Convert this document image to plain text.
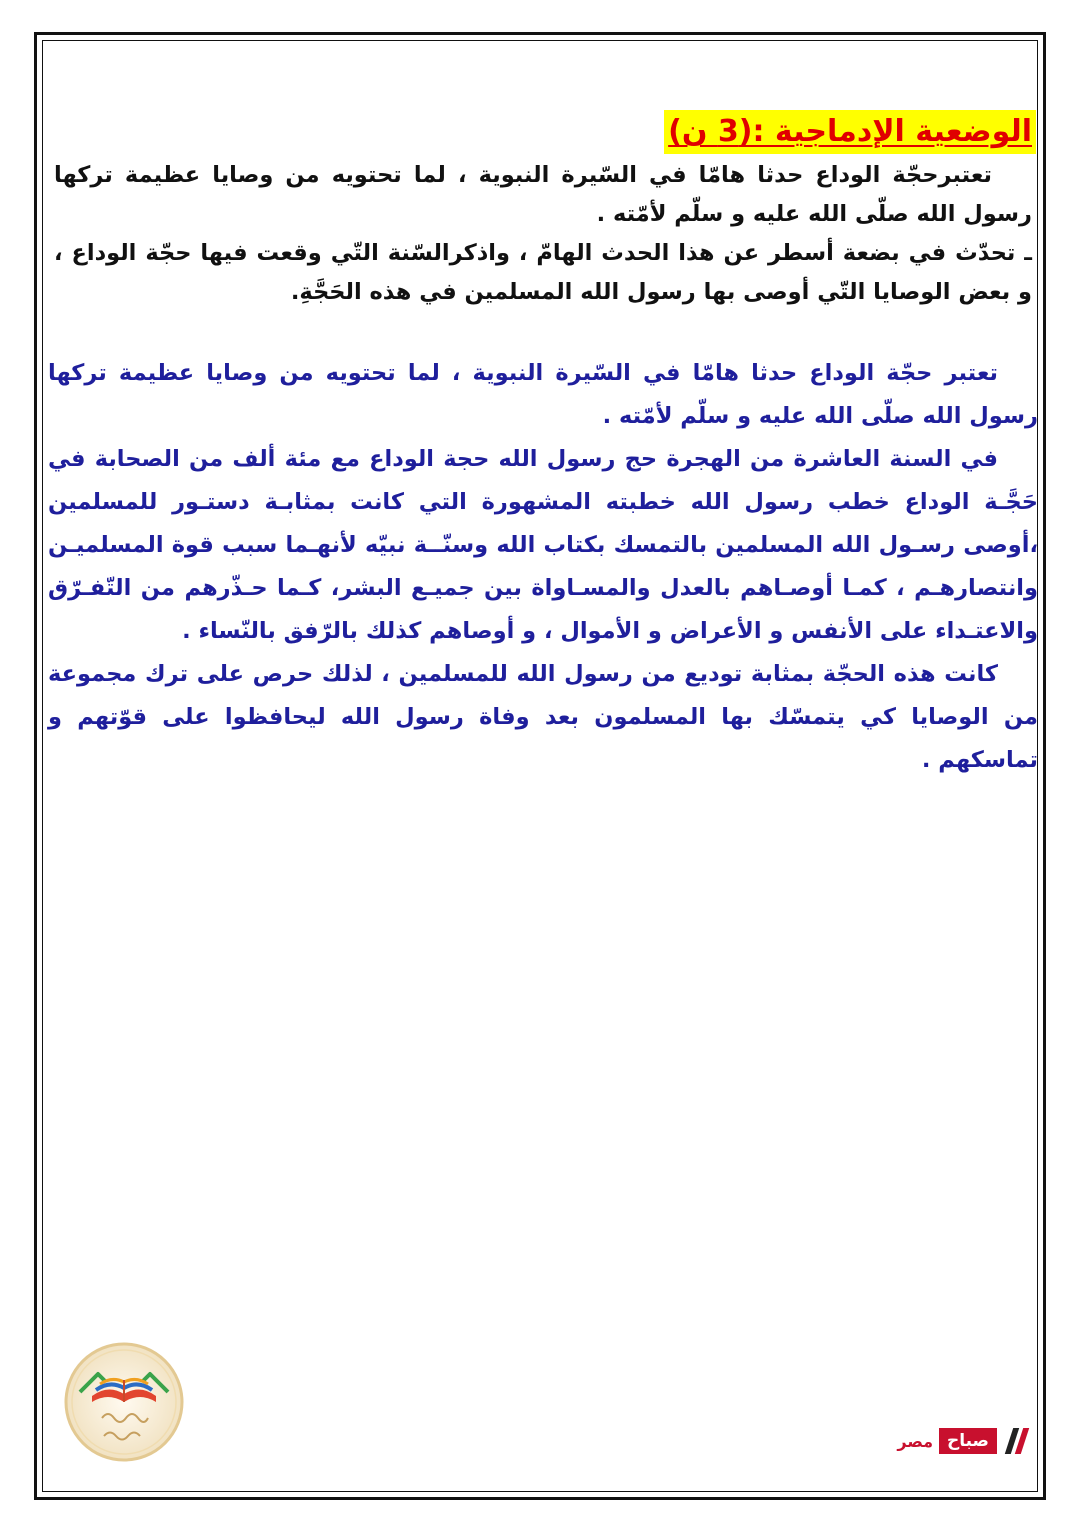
الوضعية الإدماجية :(3 ن)

تعتبرحجّة الوداع حدثا هامّا في السّيرة النبوية ، لما تحتويه من وصايا عظيمة تركها رسول الله صلّى الله عليه و سلّم لأمّته .

ـ تحدّث في بضعة أسطر عن هذا الحدث الهامّ ، واذكرالسّنة التّي وقعت فيها حجّة الوداع ، و بعض الوصايا التّي أوصى بها رسول الله المسلمين في هذه الحَجَّةِ.

تعتبر حجّة الوداع حدثا هامّا في السّيرة النبوية ، لما تحتويه من وصايا عظيمة تركها رسول الله صلّى الله عليه و سلّم لأمّته .

في السنة العاشرة من الهجرة حج رسول الله حجة الوداع مع مئة ألف من الصحابة في حَجَّـة الوداع خطب رسول الله خطبته المشهورة التي كانت بمثابـة دستـور للمسلمين ،أوصى رسـول الله المسلمين بالتمسك بكتاب الله وسنّــة نبيّه لأنهـما سبب قوة المسلميـن وانتصارهـم ، كمـا أوصـاهم بالعدل والمسـاواة بين جميـع البشر، كـما حـذّرهم من التّفـرّق والاعتـداء على الأنفس و الأعراض و الأموال ، و أوصاهم كذلك بالرّفق بالنّساء .

كانت هذه الحجّة بمثابة توديع من رسول الله للمسلمين ، لذلك حرص على ترك مجموعة من الوصايا كي يتمسّك بها المسلمون بعد وفاة رسول الله ليحافظوا على قوّتهم و تماسكهم .

صباح
مصر
